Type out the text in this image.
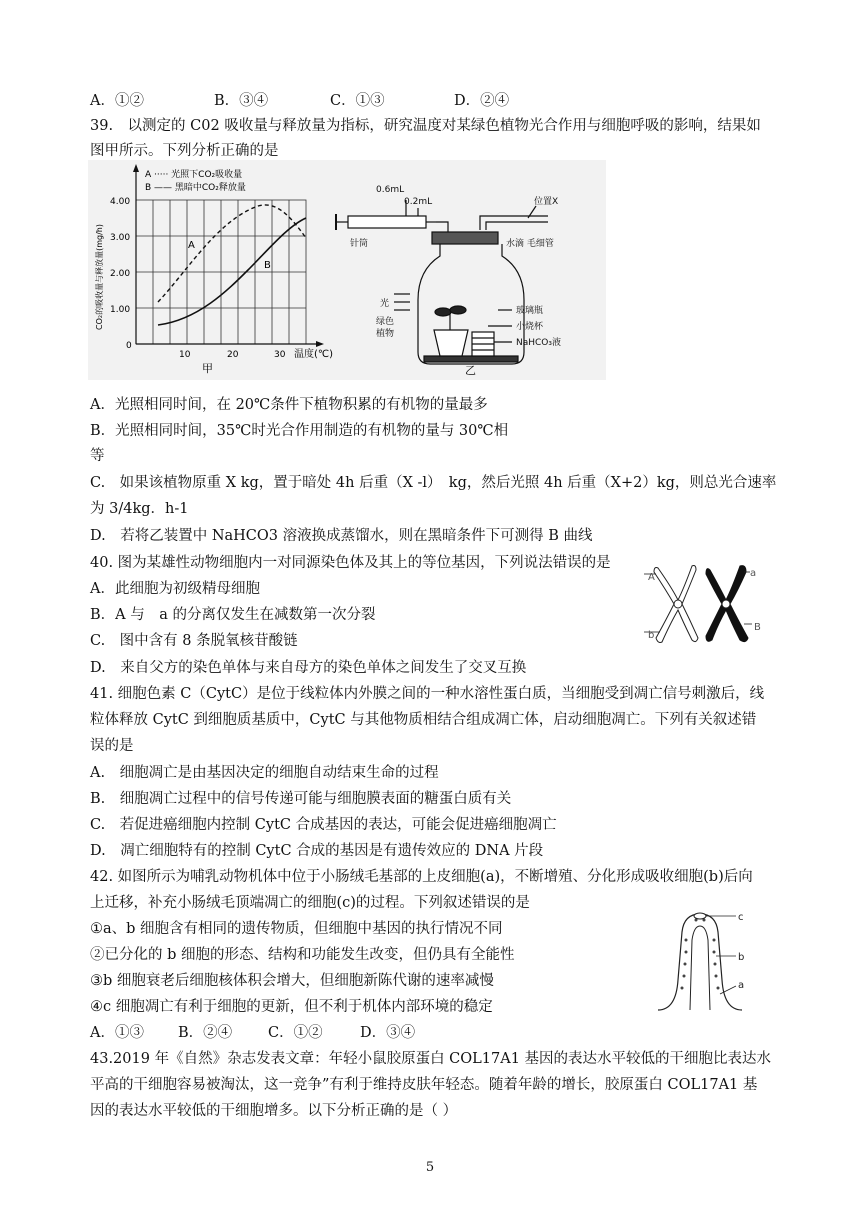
A．①②	B．③④	C．①③	D．②④
39.　以测定的 C02 吸收量与释放量为指标，研究温度对某绿色植物光合作用与细胞呼吸的影响，结果如
图甲所示。下列分析正确的是
A
B
A ····· 光照下CO₂吸收量
B —— 黑暗中CO₂释放量
4.00
3.00
2.00
1.00
0
10	20	30 温度(℃)
CO₂的吸收量与释放量(mg/h)
甲
0.6mL
0.2mL	位置X
针筒	水滴 毛细管
光
绿色
植物
玻璃瓶
小烧杯
NaHCO₃液
乙
A．光照相同时间，在 20℃条件下植物积累的有机物的量最多
B．光照相同时间，35℃时光合作用制造的有机物的量与 30℃相
等
C.　如果该植物原重 X kg，置于暗处 4h 后重（X -l）　kg，然后光照 4h 后重（X+2）kg，则总光合速率
为 3/4kg．h-1
D.　若将乙装置中 NaHCO3 溶液换成蒸馏水，则在黑暗条件下可测得 B 曲线
40. 图为某雄性动物细胞内一对同源染色体及其上的等位基因，下列说法错误的是
A．此细胞为初级精母细胞
B．A 与　a 的分离仅发生在减数第一次分裂
C.　图中含有 8 条脱氧核苷酸链
D.　来自父方的染色单体与来自母方的染色单体之间发生了交叉互换
A
b
a
B
41. 细胞色素 C（CytC）是位于线粒体内外膜之间的一种水溶性蛋白质，当细胞受到凋亡信号刺激后，线
粒体释放 CytC 到细胞质基质中，CytC 与其他物质相结合组成凋亡体，启动细胞凋亡。下列有关叙述错
误的是
A.　细胞凋亡是由基因决定的细胞自动结束生命的过程
B.　细胞凋亡过程中的信号传递可能与细胞膜表面的糖蛋白质有关
C.　若促进癌细胞内控制 CytC 合成基因的表达，可能会促进癌细胞凋亡
D.　凋亡细胞特有的控制 CytC 合成的基因是有遗传效应的 DNA 片段
42. 如图所示为哺乳动物机体中位于小肠绒毛基部的上皮细胞(a)，不断增殖、分化形成吸收细胞(b)后向
上迁移，补充小肠绒毛顶端凋亡的细胞(c)的过程。下列叙述错误的是
①a、b 细胞含有相同的遗传物质，但细胞中基因的执行情况不同
②已分化的 b 细胞的形态、结构和功能发生改变，但仍具有全能性
③b 细胞衰老后细胞核体积会增大，但细胞新陈代谢的速率减慢
④c 细胞凋亡有利于细胞的更新，但不利于机体内部环境的稳定
A．①③ B．②④ C．①②	D．③④
c
b
a
43.2019 年《自然》杂志发表文章：年轻小鼠胶原蛋白 COL17A1 基因的表达水平较低的干细胞比表达水
平高的干细胞容易被淘汰，这一竞争”有利于维持皮肤年轻态。随着年龄的增长，胶原蛋白 COL17A1 基
因的表达水平较低的干细胞增多。以下分析正确的是（ ）
5
